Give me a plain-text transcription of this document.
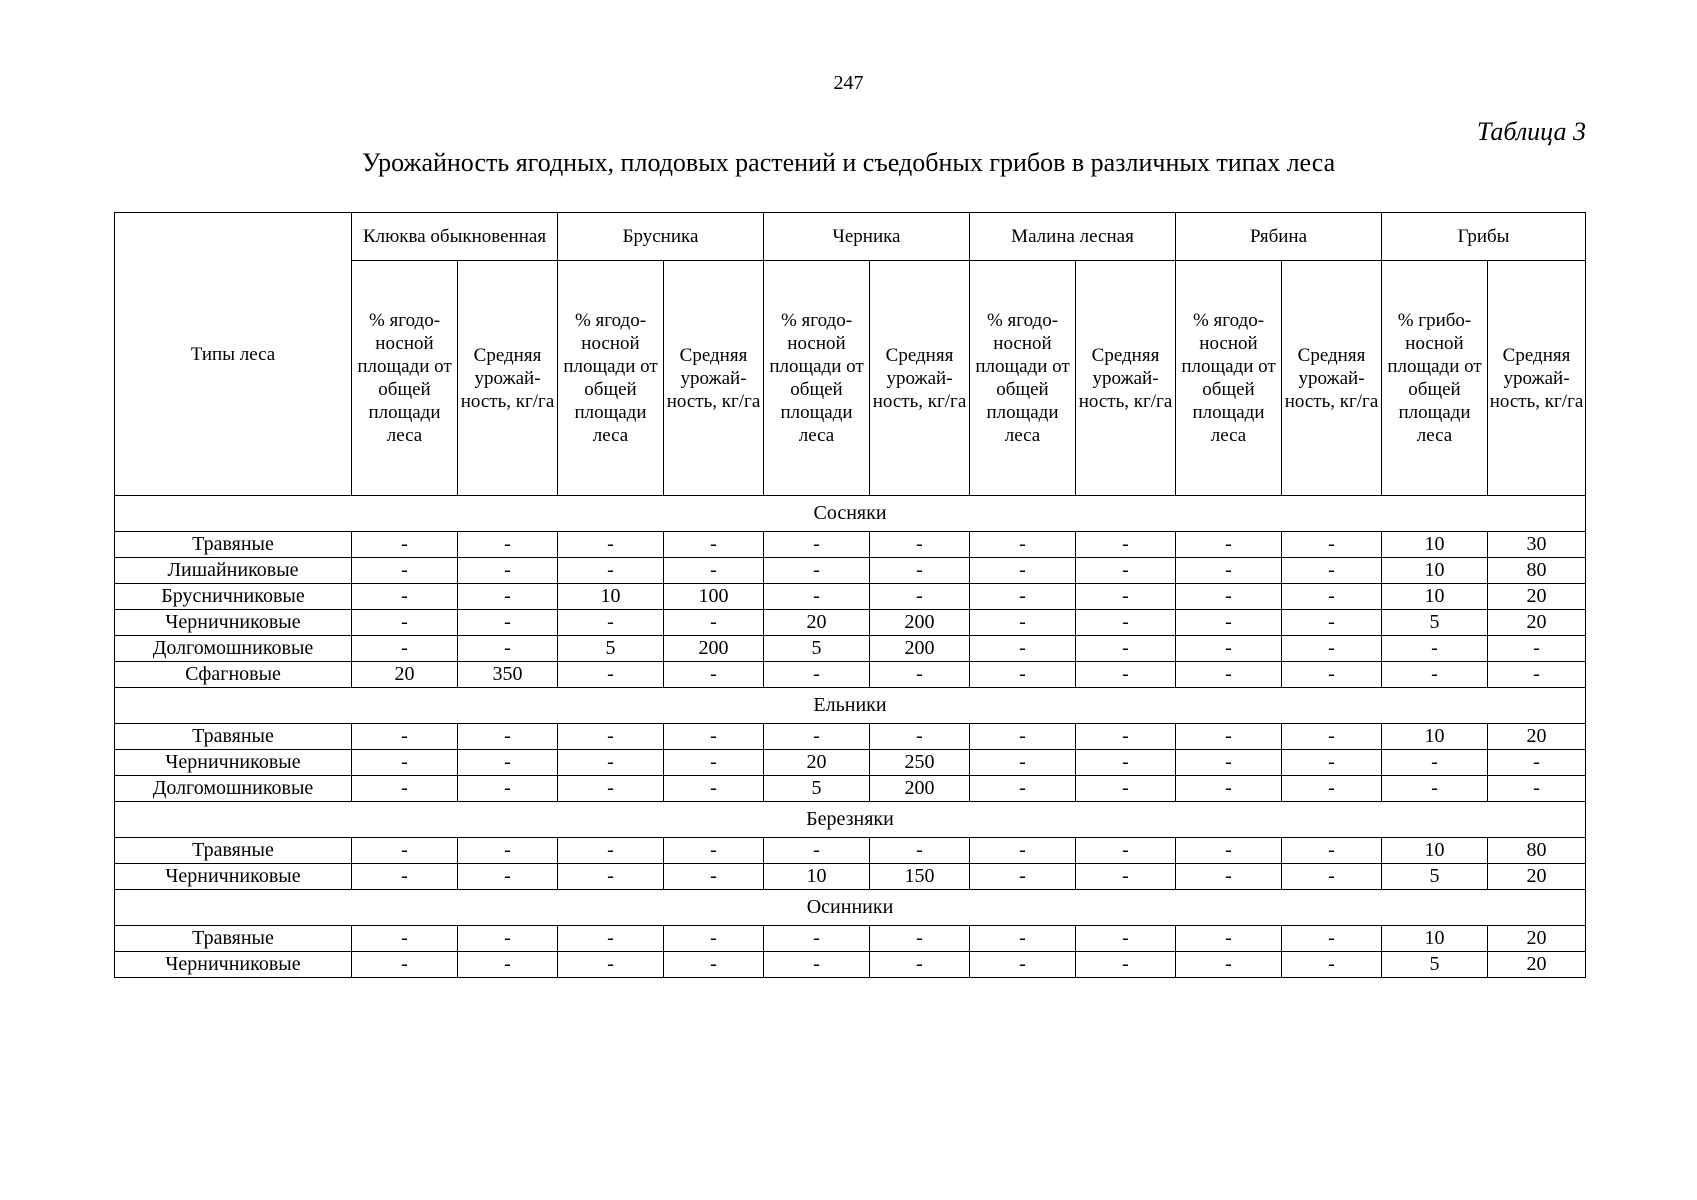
247
Таблица 3
Урожайность ягодных, плодовых растений и съедобных грибов в различных типах леса
Типы леса	Клюква обыкновенная		Брусника		Черника		Малина лесная		Рябина		Грибы	
	% ягодо-носной площади от общей площади леса	Средняя урожай-ность, кг/га	% ягодо-носной площади от общей площади леса	Средняя урожай-ность, кг/га	% ягодо-носной площади от общей площади леса	Средняя урожай-ность, кг/га	% ягодо-носной площади от общей площади леса	Средняя урожай-ность, кг/га	% ягодо-носной площади от общей площади леса	Средняя урожай-ность, кг/га	% грибо-носной площади от общей площади леса	Средняя урожай-ность, кг/га
Сосняки												
Травяные	-	-	-	-	-	-	-	-	-	-	10	30
Лишайниковые	-	-	-	-	-	-	-	-	-	-	10	80
Брусничниковые	-	-	10	100	-	-	-	-	-	-	10	20
Черничниковые	-	-	-	-	20	200	-	-	-	-	5	20
Долгомошниковые	-	-	5	200	5	200	-	-	-	-	-	-
Сфагновые	20	350	-	-	-	-	-	-	-	-	-	-
Ельники												
Травяные	-	-	-	-	-	-	-	-	-	-	10	20
Черничниковые	-	-	-	-	20	250	-	-	-	-	-	-
Долгомошниковые	-	-	-	-	5	200	-	-	-	-	-	-
Березняки												
Травяные	-	-	-	-	-	-	-	-	-	-	10	80
Черничниковые	-	-	-	-	10	150	-	-	-	-	5	20
Осинники												
Травяные	-	-	-	-	-	-	-	-	-	-	10	20
Черничниковые	-	-	-	-	-	-	-	-	-	-	5	20
